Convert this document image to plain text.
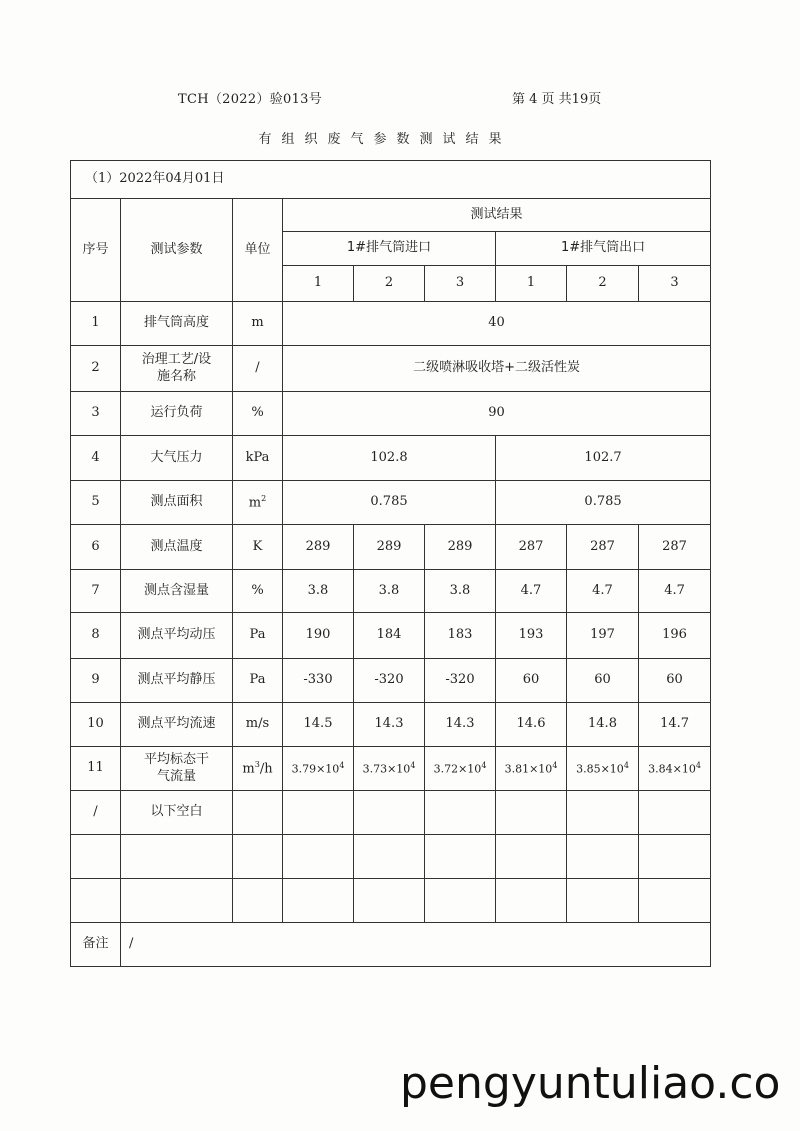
TCH（2022）验013号	第 4 页 共19页
有组织废气参数测试结果
（1）2022年04月01日								
序号	测试参数	单位	测试结果					
			1#排气筒进口			1#排气筒出口		
			1	2	3	1	2	3
1	排气筒高度	m	40					
2	治理工艺/设施名称	/	二级喷淋吸收塔+二级活性炭					
3	运行负荷	%	90					
4	大气压力	kPa	102.8			102.7		
5	测点面积	$m^2$	0.785			0.785		
6	测点温度	K	289	289	289	287	287	287
7	测点含湿量	%	3.8	3.8	3.8	4.7	4.7	4.7
8	测点平均动压	Pa	190	184	183	193	197	196
9	测点平均静压	Pa	-330	-320	-320	60	60	60
10	测点平均流速	m/s	14.5	14.3	14.3	14.6	14.8	14.7
11	平均标态干气流量	$m^3/h$	$3.79\times 10^4$	$3.73\times 10^4$	$3.72\times 10^4$	$3.81\times 10^4$	$3.85\times 10^4$	$3.84\times 10^4$
/	以下空白							

备注	/							
pengyuntuliao.co
